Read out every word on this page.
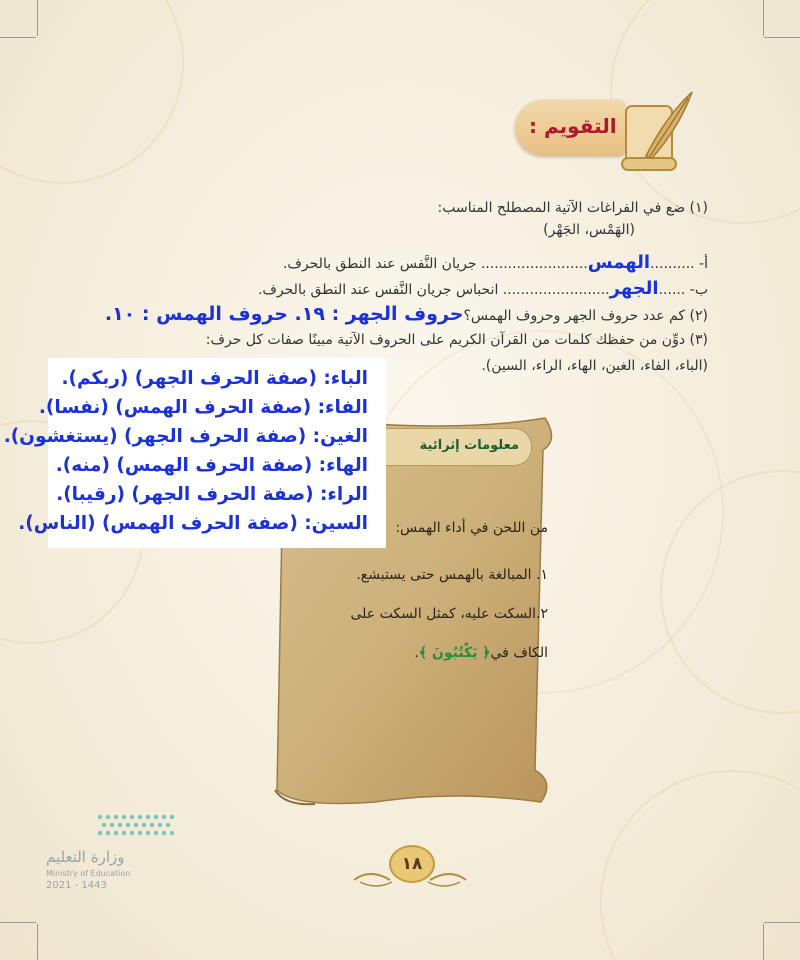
التقويم :
(١) ضع في الفراغات الآتية المصطلح المناسب:
(الهَمْس، الجَهْر)
أ- ..........الهمس........................ جريان النَّفس عند النطق بالحرف.
ب- ......الجهر........................ انحباس جريان النَّفس عند النطق بالحرف.
(٢) كم عدد حروف الجهر وحروف الهمس؟حروف الجهر : ١٩. حروف الهمس : ١٠.
(٣) دوِّن من حفظك كلمات من القرآن الكريم على الحروف الآتية مبينًا صفات كل حرف:
(الباء، الفاء، الغين، الهاء، الراء، السين).
معلومات إثرائية
من اللحن في أداء الهمس:
١. المبالغة بالهمس حتى يستبشع.
٢.السكت عليه، كمثل السكت على
الكاف في﴿ يَكْتُبُونَ ﴾.
الباء: (صفة الحرف الجهر) (ربكم).
الفاء: (صفة الحرف الهمس) (نفسا).
الغين: (صفة الحرف الجهر) (يستغشون).
الهاء: (صفة الحرف الهمس) (منه).
الراء: (صفة الحرف الجهر) (رقيبا).
السين: (صفة الحرف الهمس) (الناس).
وزارة التعليم
Ministry of Education
2021 - 1443
١٨
